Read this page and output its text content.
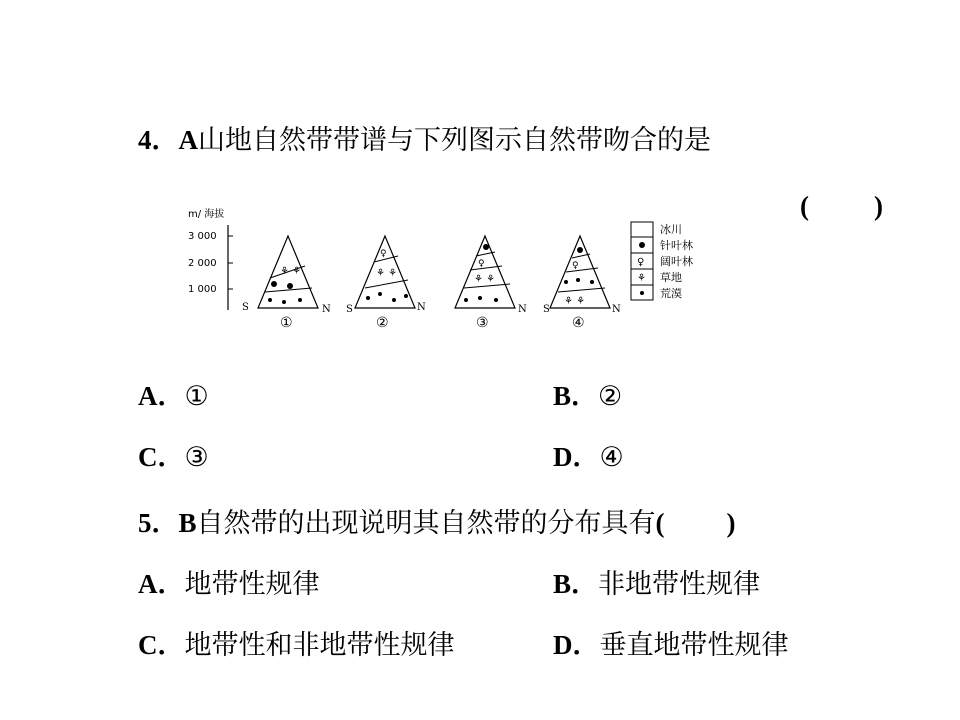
4．A山地自然带带谱与下列图示自然带吻合的是
( )
m/ 海拔
3 000
2 000
1 000
⚘ ⚘
S	N
①
♀
⚘ ⚘
S	N
②
♀
⚘ ⚘
N
③
♀
⚘ ⚘
S	N
④
♀
⚘
冰川
针叶林
阔叶林
草地
荒漠
A．①	B．②
C．③	D．④
5．B自然带的出现说明其自然带的分布具有( )
A．地带性规律	B．非地带性规律
C．地带性和非地带性规律	D．垂直地带性规律
